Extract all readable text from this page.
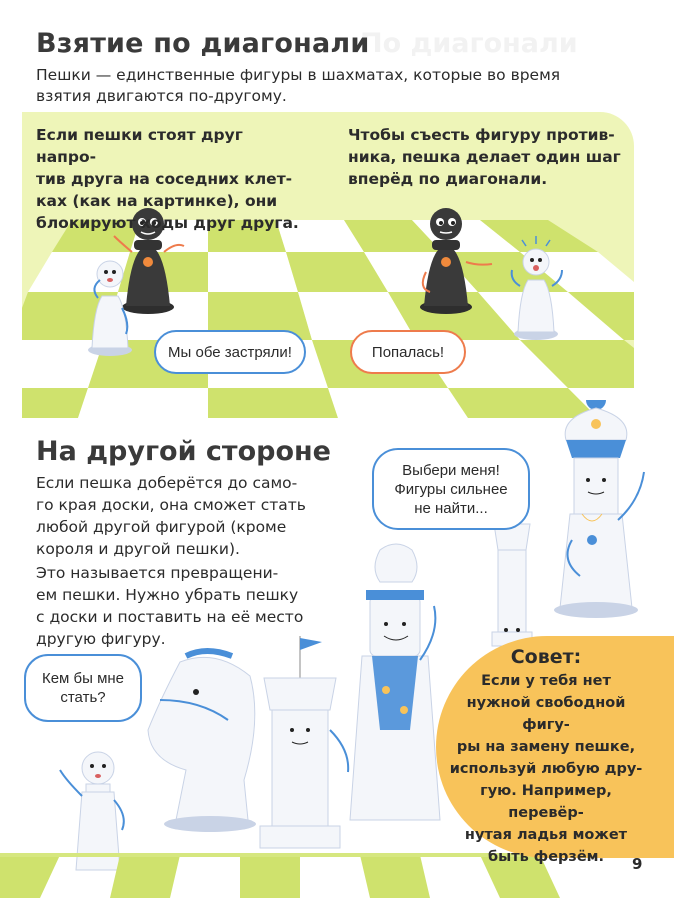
По диагонали
Взятие по диагонали
Пешки — единственные фигуры в шахматах, которые во время
взятия двигаются по-другому.
Если пешки стоят друг напро-
тив друга на соседних клет-
ках (как на картинке), они
блокируют ходы друг друга.
Чтобы съесть фигуру против-
ника, пешка делает один шаг
вперёд по диагонали.
Мы обе застряли!	Попалась!
На другой стороне
Если пешка доберётся до само-
го края доски, она сможет стать
любой другой фигурой (кроме
короля и другой пешки).
Это называется превращени-
ем пешки. Нужно убрать пешку
с доски и поставить на её место
другую фигуру.
Выбери меня!
Фигуры сильнее
не найти...
Кем бы мне
стать?
Совет:
Если у тебя нет
нужной свободной фигу-
ры на замену пешке,
используй любую дру-
гую. Например, перевёр-
нутая ладья может
быть ферзём.	9
